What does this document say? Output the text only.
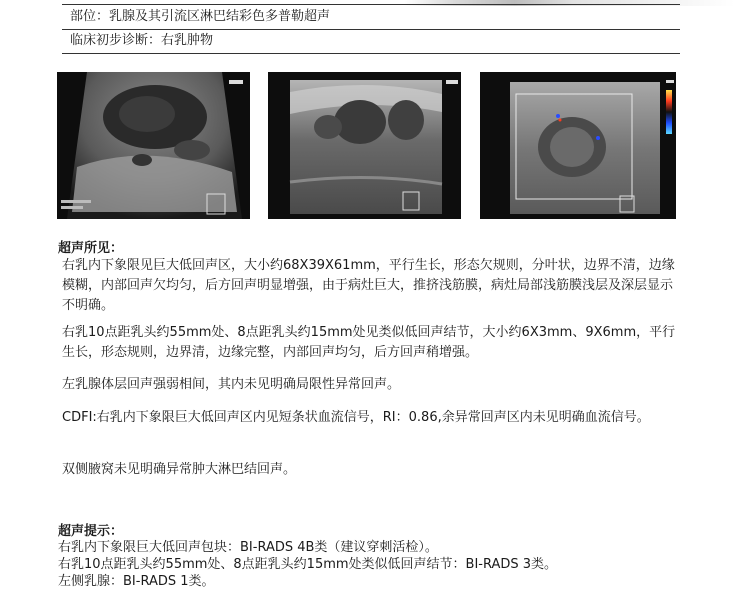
部位：乳腺及其引流区淋巴结彩色多普勒超声
临床初步诊断：右乳肿物
超声所见：

右乳内下象限见巨大低回声区，大小约68X39X61mm，平行生长，形态欠规则，分叶状，边界不清，边缘模糊，内部回声欠均匀，后方回声明显增强，由于病灶巨大，推挤浅筋膜，病灶局部浅筋膜浅层及深层显示不明确。

右乳10点距乳头约55mm处、8点距乳头约15mm处见类似低回声结节，大小约6X3mm、9X6mm，平行生长，形态规则，边界清，边缘完整，内部回声均匀，后方回声稍增强。

左乳腺体层回声强弱相间，其内未见明确局限性异常回声。

CDFI:右乳内下象限巨大低回声区内见短条状血流信号，RI：0.86,余异常回声区内未见明确血流信号。

双侧腋窝未见明确异常肿大淋巴结回声。

超声提示：

右乳内下象限巨大低回声包块：BI-RADS 4B类（建议穿刺活检）。

右乳10点距乳头约55mm处、8点距乳头约15mm处类似低回声结节：BI-RADS 3类。

左侧乳腺：BI-RADS 1类。
